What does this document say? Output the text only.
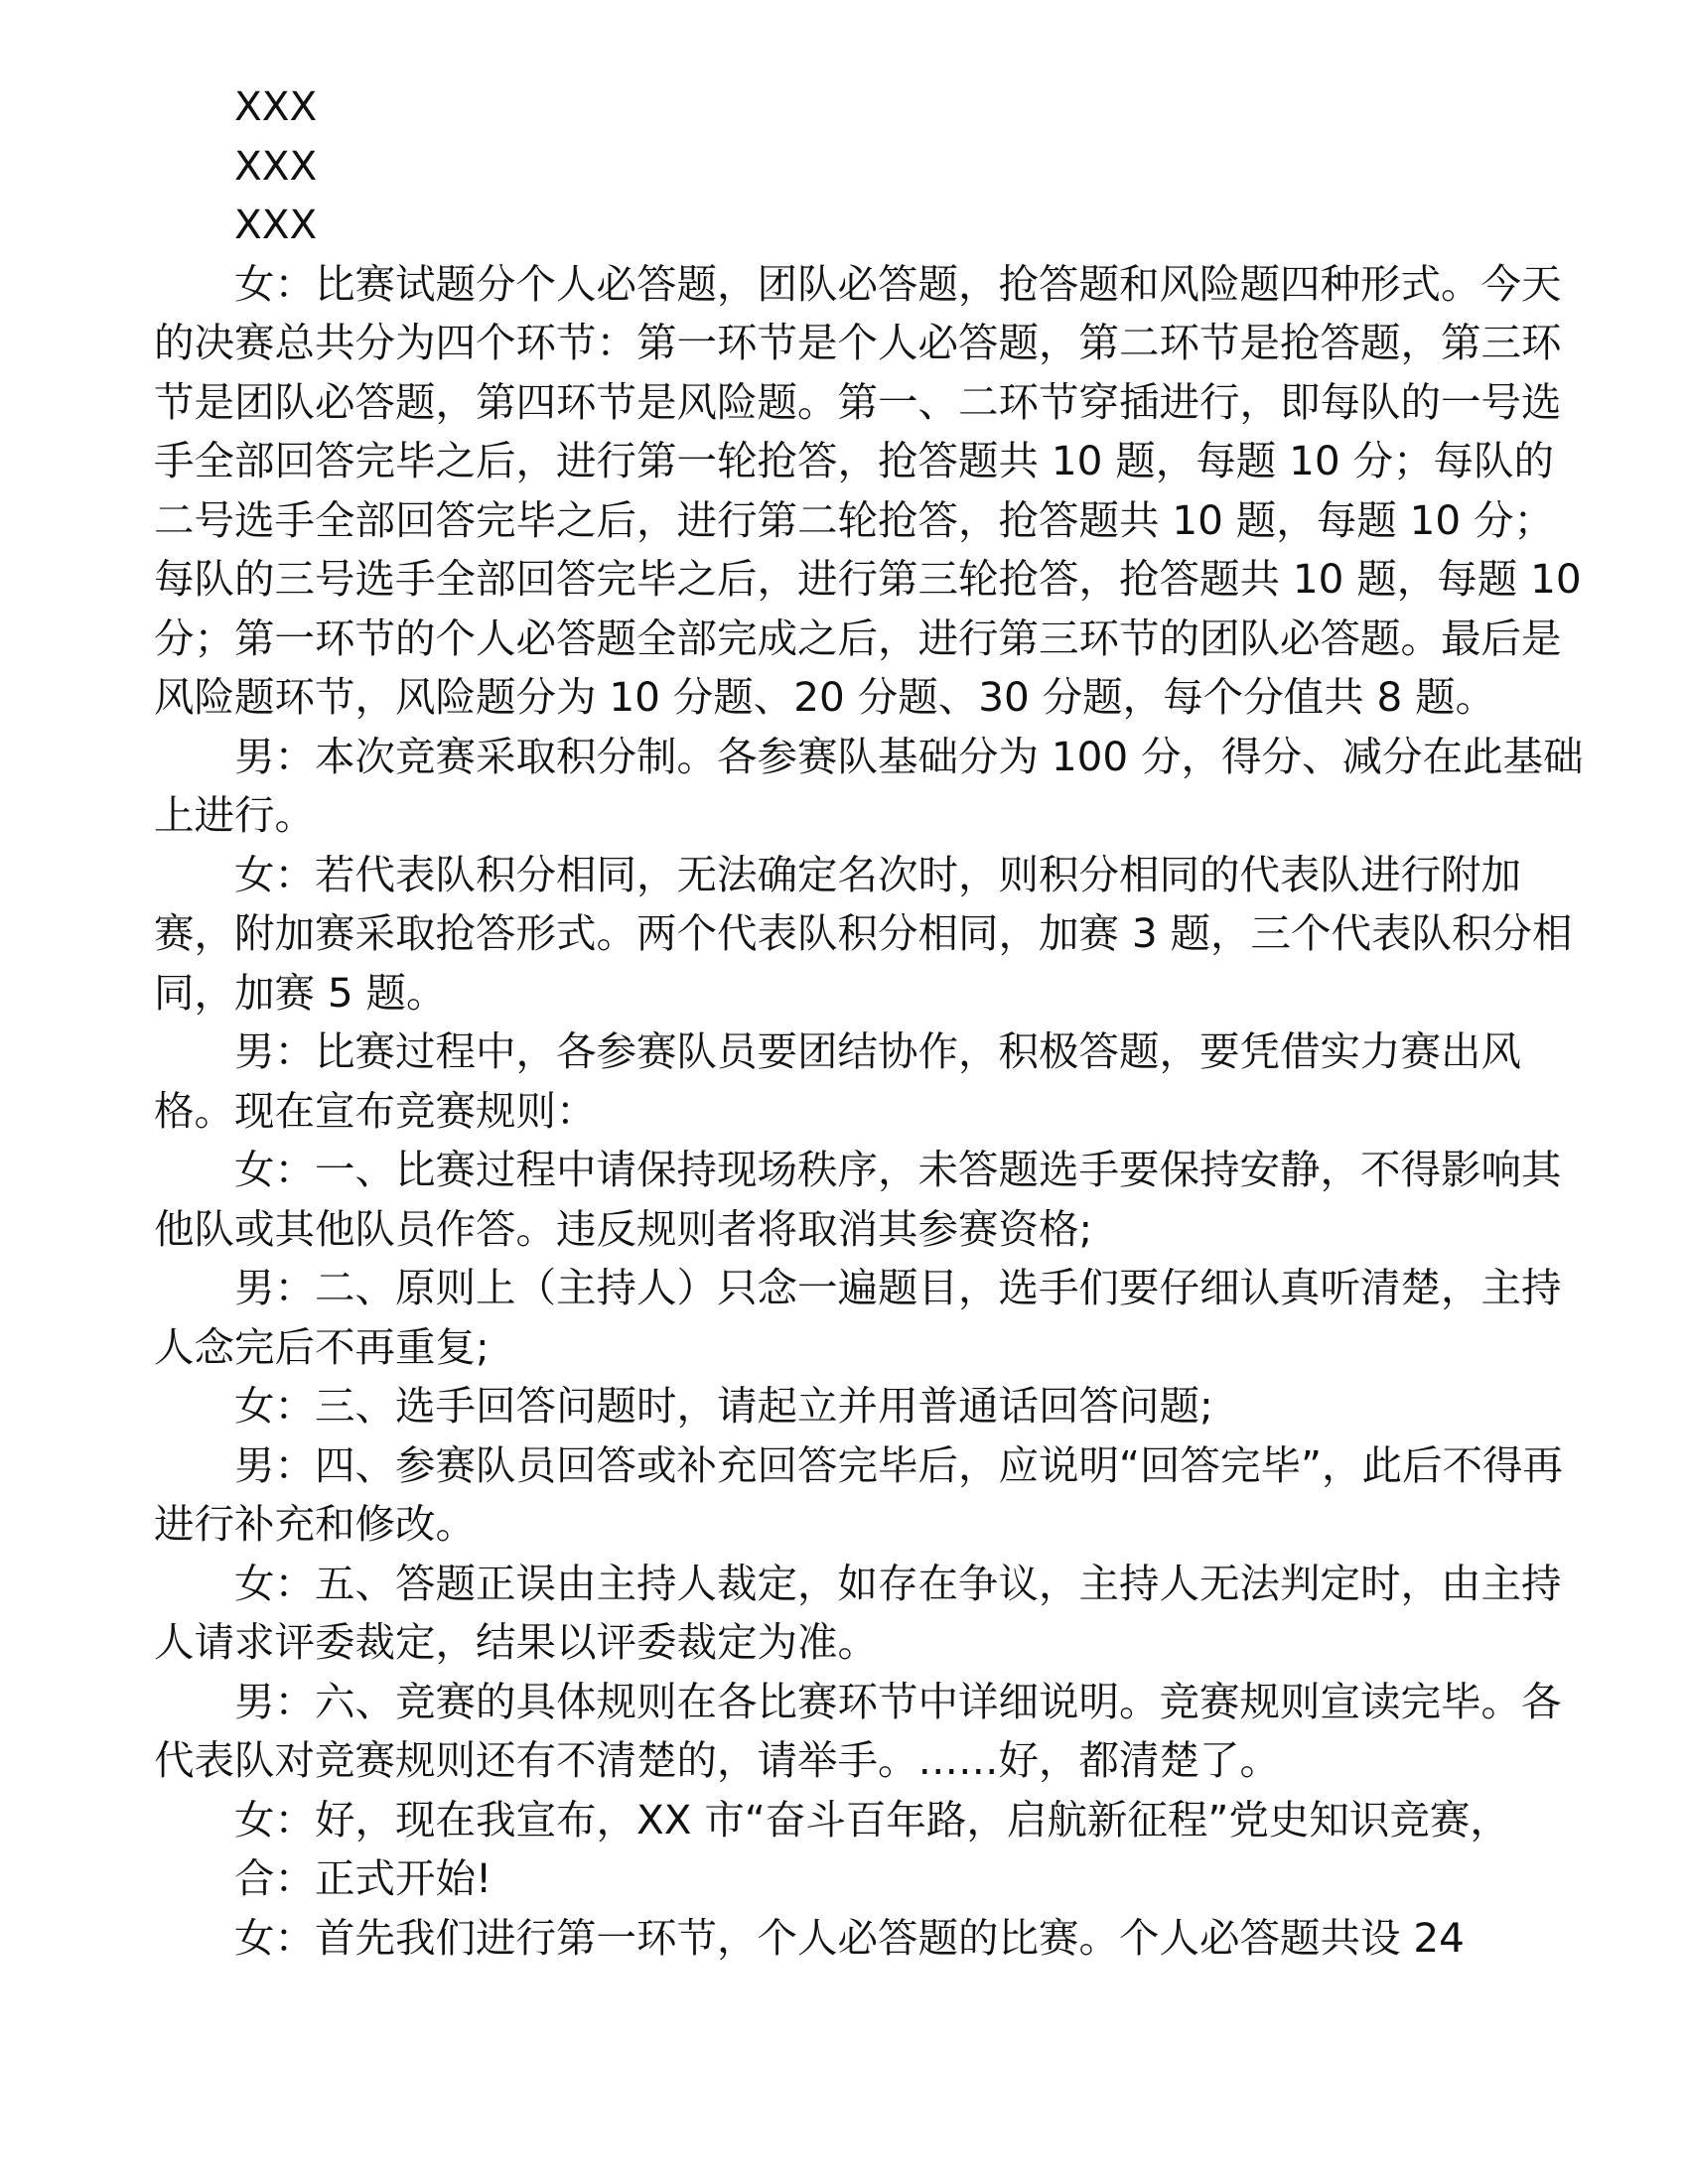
XXX

XXX

XXX

女：比赛试题分个人必答题，团队必答题，抢答题和风险题四种形式。今天的决赛总共分为四个环节：第一环节是个人必答题，第二环节是抢答题，第三环节是团队必答题，第四环节是风险题。第一、二环节穿插进行，即每队的一号选手全部回答完毕之后，进行第一轮抢答，抢答题共 10 题，每题 10 分；每队的二号选手全部回答完毕之后，进行第二轮抢答，抢答题共 10 题，每题 10 分；每队的三号选手全部回答完毕之后，进行第三轮抢答，抢答题共 10 题，每题 10 分；第一环节的个人必答题全部完成之后，进行第三环节的团队必答题。最后是风险题环节，风险题分为 10 分题、20 分题、30 分题，每个分值共 8 题。

男：本次竞赛采取积分制。各参赛队基础分为 100 分，得分、减分在此基础上进行。

女：若代表队积分相同，无法确定名次时，则积分相同的代表队进行附加赛，附加赛采取抢答形式。两个代表队积分相同，加赛 3 题，三个代表队积分相同，加赛 5 题。

男：比赛过程中，各参赛队员要团结协作，积极答题，要凭借实力赛出风格。现在宣布竞赛规则：

女：一、比赛过程中请保持现场秩序，未答题选手要保持安静，不得影响其他队或其他队员作答。违反规则者将取消其参赛资格;

男：二、原则上（主持人）只念一遍题目，选手们要仔细认真听清楚，主持人念完后不再重复;

女：三、选手回答问题时，请起立并用普通话回答问题;

男：四、参赛队员回答或补充回答完毕后，应说明“回答完毕”，此后不得再进行补充和修改。

女：五、答题正误由主持人裁定，如存在争议，主持人无法判定时，由主持人请求评委裁定，结果以评委裁定为准。

男：六、竞赛的具体规则在各比赛环节中详细说明。竞赛规则宣读完毕。各代表队对竞赛规则还有不清楚的，请举手。……好，都清楚了。

女：好，现在我宣布，XX 市“奋斗百年路，启航新征程”党史知识竞赛，

合：正式开始!

女：首先我们进行第一环节，个人必答题的比赛。个人必答题共设 24
